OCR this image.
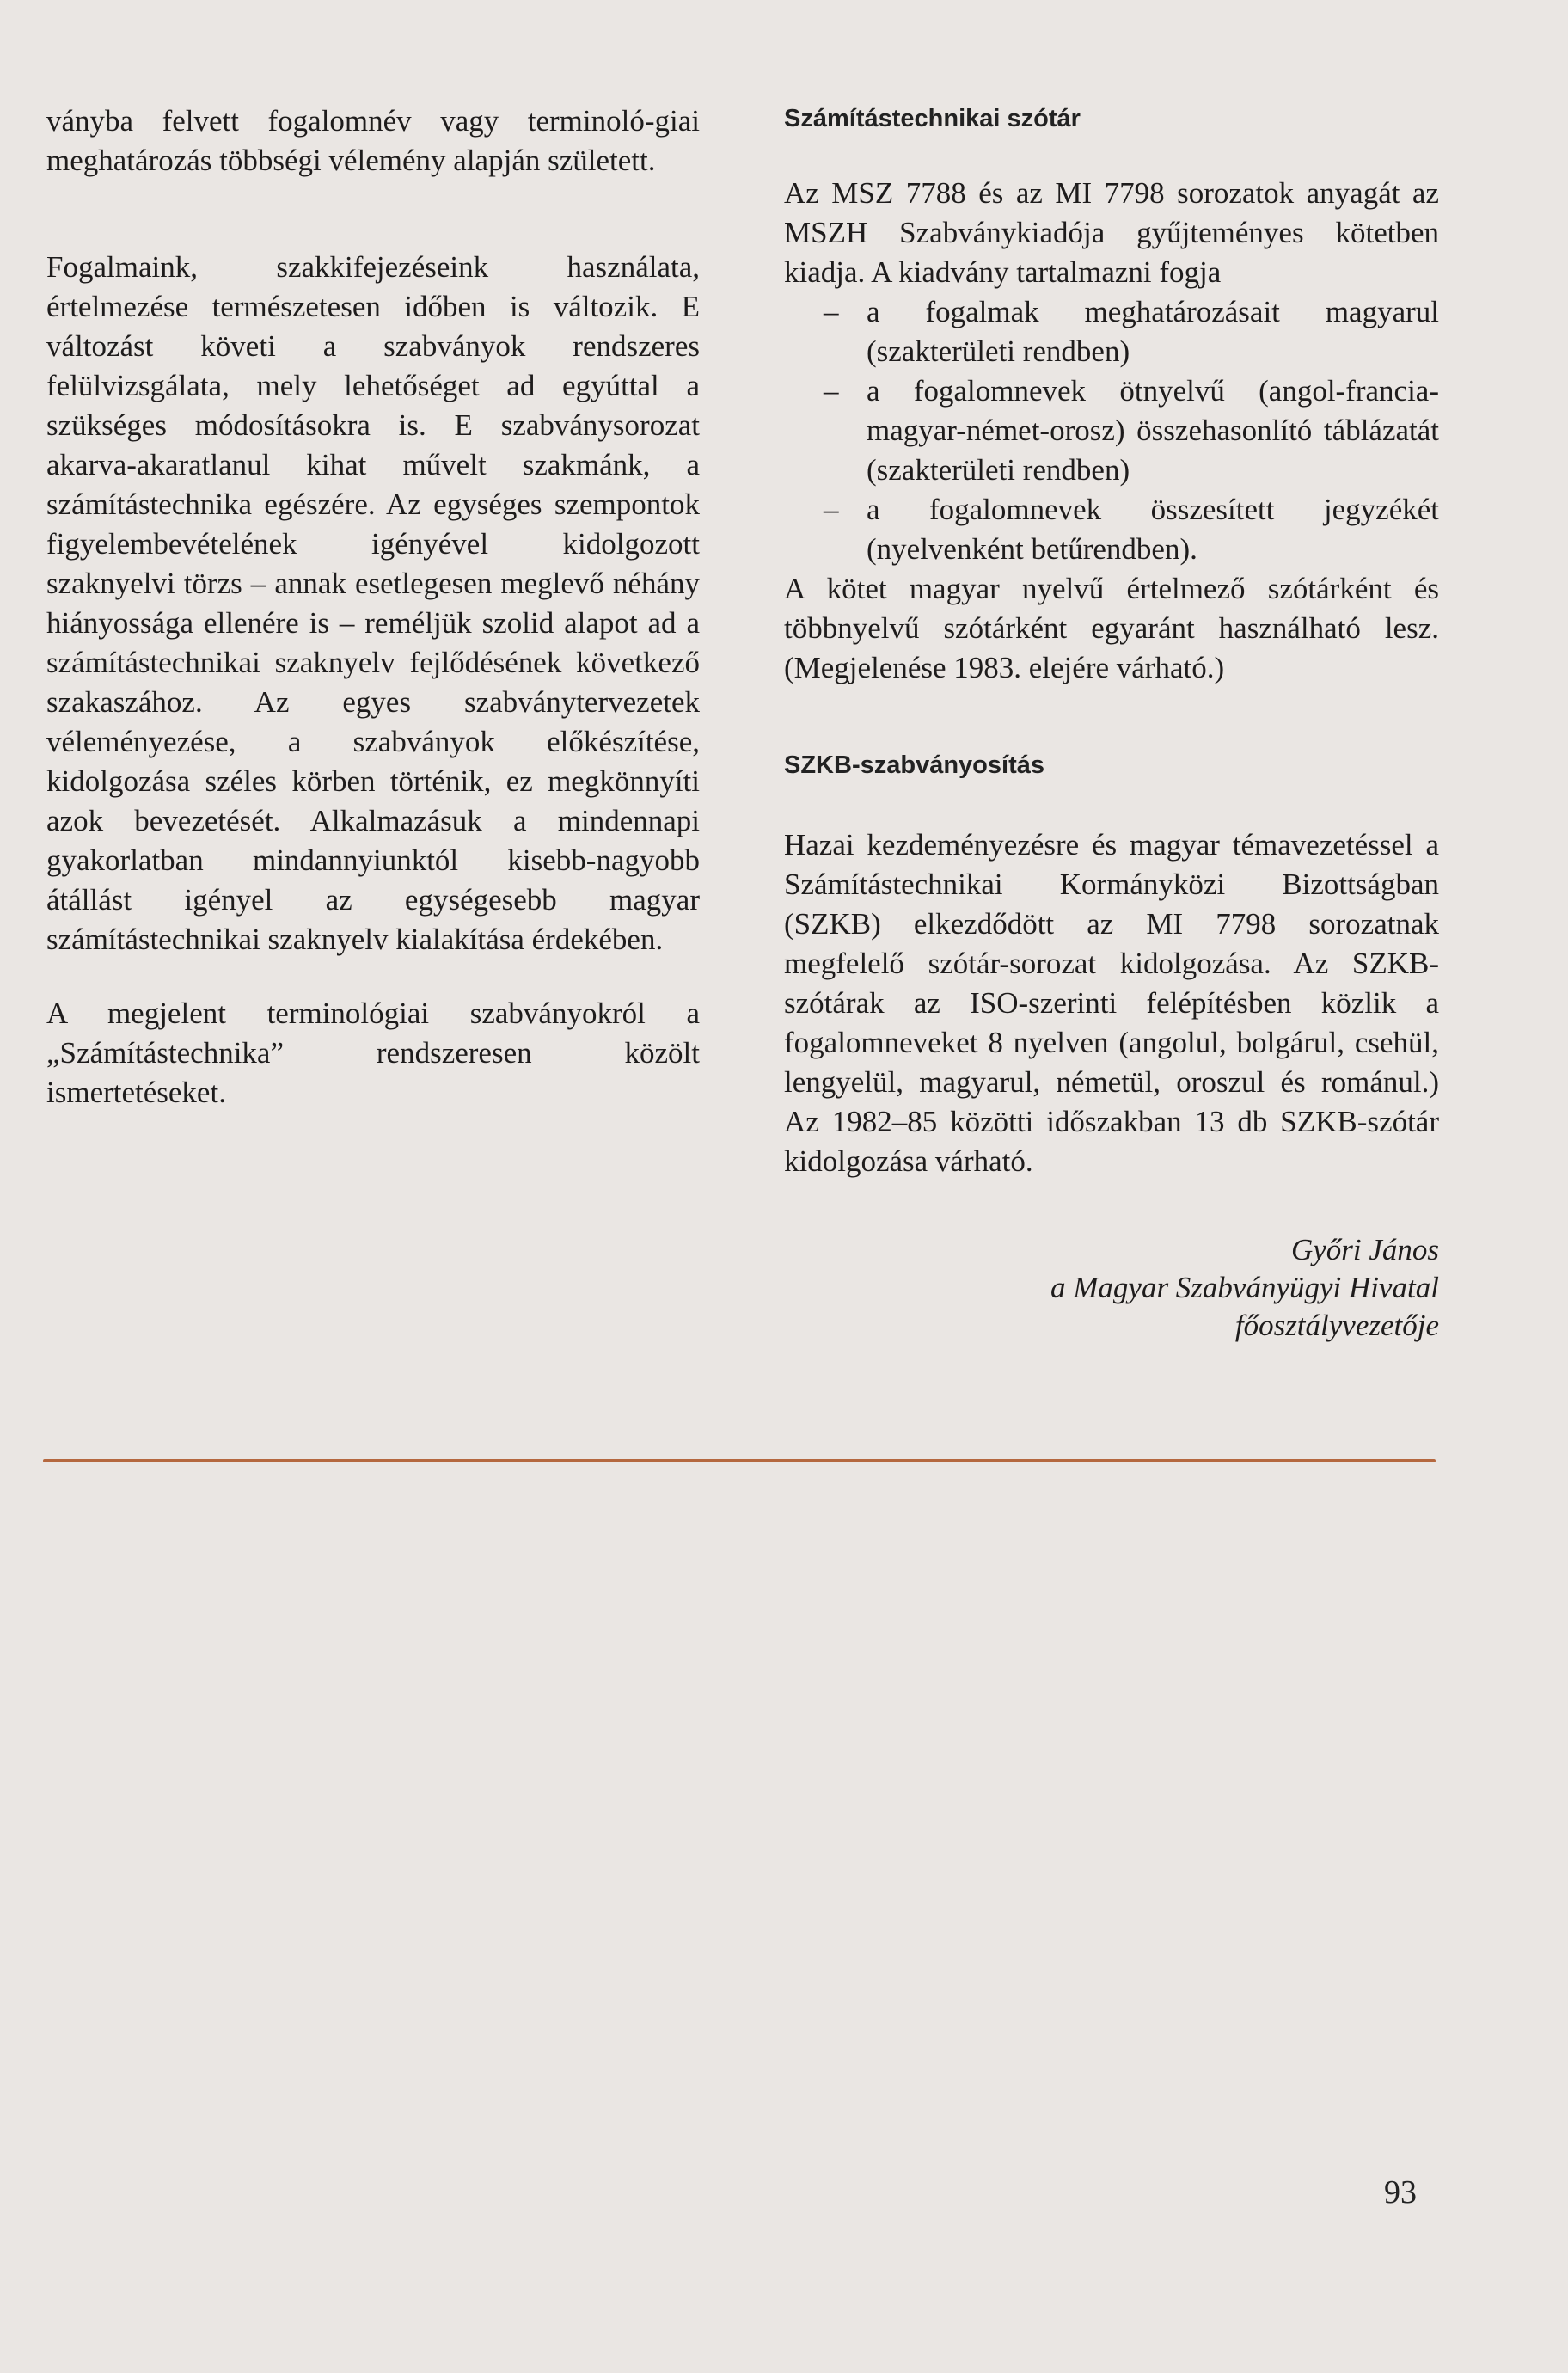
ványba felvett fogalomnév vagy terminoló-giai meghatározás többségi vélemény alapján született.

Fogalmaink, szakkifejezéseink használata, értelmezése természetesen időben is változik. E változást követi a szabványok rendszeres felülvizsgálata, mely lehetőséget ad egyúttal a szükséges módosításokra is. E szabványsorozat akarva-akaratlanul kihat művelt szakmánk, a számítástechnika egészére. Az egységes szempontok figyelembevételének igényével kidolgozott szaknyelvi törzs – annak esetlegesen meglevő néhány hiányossága ellenére is – reméljük szolid alapot ad a számítástechnikai szaknyelv fejlődésének következő szakaszához. Az egyes szabványtervezetek véleményezése, a szabványok előkészítése, kidolgozása széles körben történik, ez megkönnyíti azok bevezetését. Alkalmazásuk a mindennapi gyakorlatban mindannyiunktól kisebb-nagyobb átállást igényel az egységesebb magyar számítástechnikai szaknyelv kialakítása érdekében.

A megjelent terminológiai szabványokról a „Számítástechnika” rendszeresen közölt ismertetéseket.

Számítástechnikai szótár

Az MSZ 7788 és az MI 7798 sorozatok anyagát az MSZH Szabványkiadója gyűjteményes kötetben kiadja. A kiadvány tartalmazni fogja

– a fogalmak meghatározásait magyarul (szakterületi rendben)
– a fogalomnevek ötnyelvű (angol-francia-magyar-német-orosz) összehasonlító táblázatát (szakterületi rendben)
– a fogalomnevek összesített jegyzékét (nyelvenként betűrendben).

A kötet magyar nyelvű értelmező szótárként és többnyelvű szótárként egyaránt használható lesz. (Megjelenése 1983. elejére várható.)

SZKB-szabványosítás

Hazai kezdeményezésre és magyar témavezetéssel a Számítástechnikai Kormányközi Bizottságban (SZKB) elkezdődött az MI 7798 sorozatnak megfelelő szótár-sorozat kidolgozása. Az SZKB-szótárak az ISO-szerinti felépítésben közlik a fogalomneveket 8 nyelven (angolul, bolgárul, csehül, lengyelül, magyarul, németül, oroszul és románul.) Az 1982–85 közötti időszakban 13 db SZKB-szótár kidolgozása várható.

Győri János
a Magyar Szabványügyi Hivatal
főosztályvezetője
93
